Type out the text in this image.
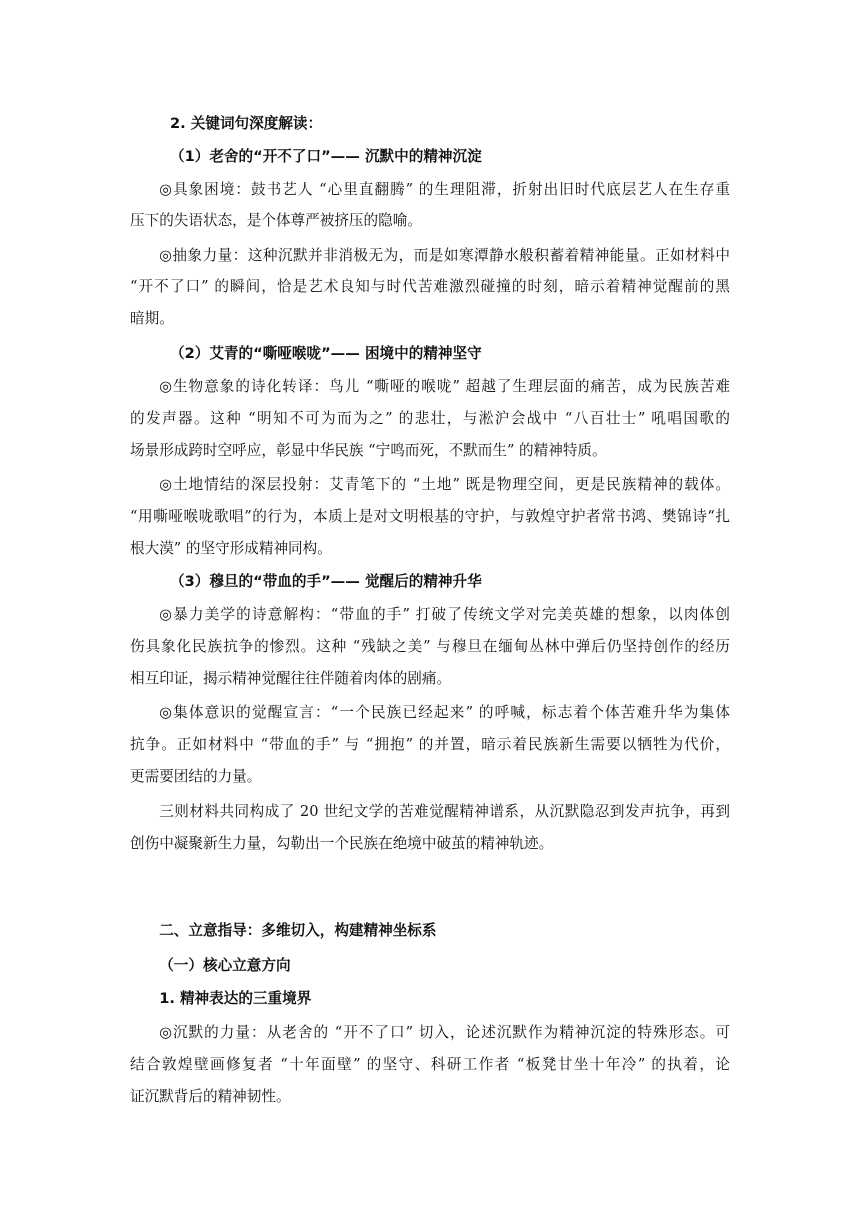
2. 关键词句深度解读：
（1）老舍的“开不了口”—— 沉默中的精神沉淀
◎具象困境：鼓书艺人 “心里直翻腾” 的生理阻滞，折射出旧时代底层艺人在生存重
压下的失语状态，是个体尊严被挤压的隐喻。
◎抽象力量：这种沉默并非消极无为，而是如寒潭静水般积蓄着精神能量。正如材料中
“开不了口” 的瞬间，恰是艺术良知与时代苦难激烈碰撞的时刻，暗示着精神觉醒前的黑
暗期。
（2）艾青的“嘶哑喉咙”—— 困境中的精神坚守
◎生物意象的诗化转译：鸟儿 “嘶哑的喉咙” 超越了生理层面的痛苦，成为民族苦难
的发声器。这种 “明知不可为而为之” 的悲壮，与淞沪会战中 “八百壮士” 吼唱国歌的
场景形成跨时空呼应，彰显中华民族 “宁鸣而死，不默而生” 的精神特质。
◎土地情结的深层投射：艾青笔下的 “土地” 既是物理空间，更是民族精神的载体。
“用嘶哑喉咙歌唱”的行为，本质上是对文明根基的守护，与敦煌守护者常书鸿、樊锦诗“扎
根大漠” 的坚守形成精神同构。
（3）穆旦的“带血的手”—— 觉醒后的精神升华
◎暴力美学的诗意解构：“带血的手” 打破了传统文学对完美英雄的想象，以肉体创
伤具象化民族抗争的惨烈。这种 “残缺之美” 与穆旦在缅甸丛林中弹后仍坚持创作的经历
相互印证，揭示精神觉醒往往伴随着肉体的剧痛。
◎集体意识的觉醒宣言：“一个民族已经起来” 的呼喊，标志着个体苦难升华为集体
抗争。正如材料中 “带血的手” 与 “拥抱” 的并置，暗示着民族新生需要以牺牲为代价，
更需要团结的力量。
三则材料共同构成了 20 世纪文学的苦难觉醒精神谱系，从沉默隐忍到发声抗争，再到
创伤中凝聚新生力量，勾勒出一个民族在绝境中破茧的精神轨迹。
二、立意指导：多维切入，构建精神坐标系
（一）核心立意方向
1. 精神表达的三重境界
◎沉默的力量：从老舍的 “开不了口” 切入，论述沉默作为精神沉淀的特殊形态。可
结合敦煌壁画修复者 “十年面壁” 的坚守、科研工作者 “板凳甘坐十年冷” 的执着，论
证沉默背后的精神韧性。
